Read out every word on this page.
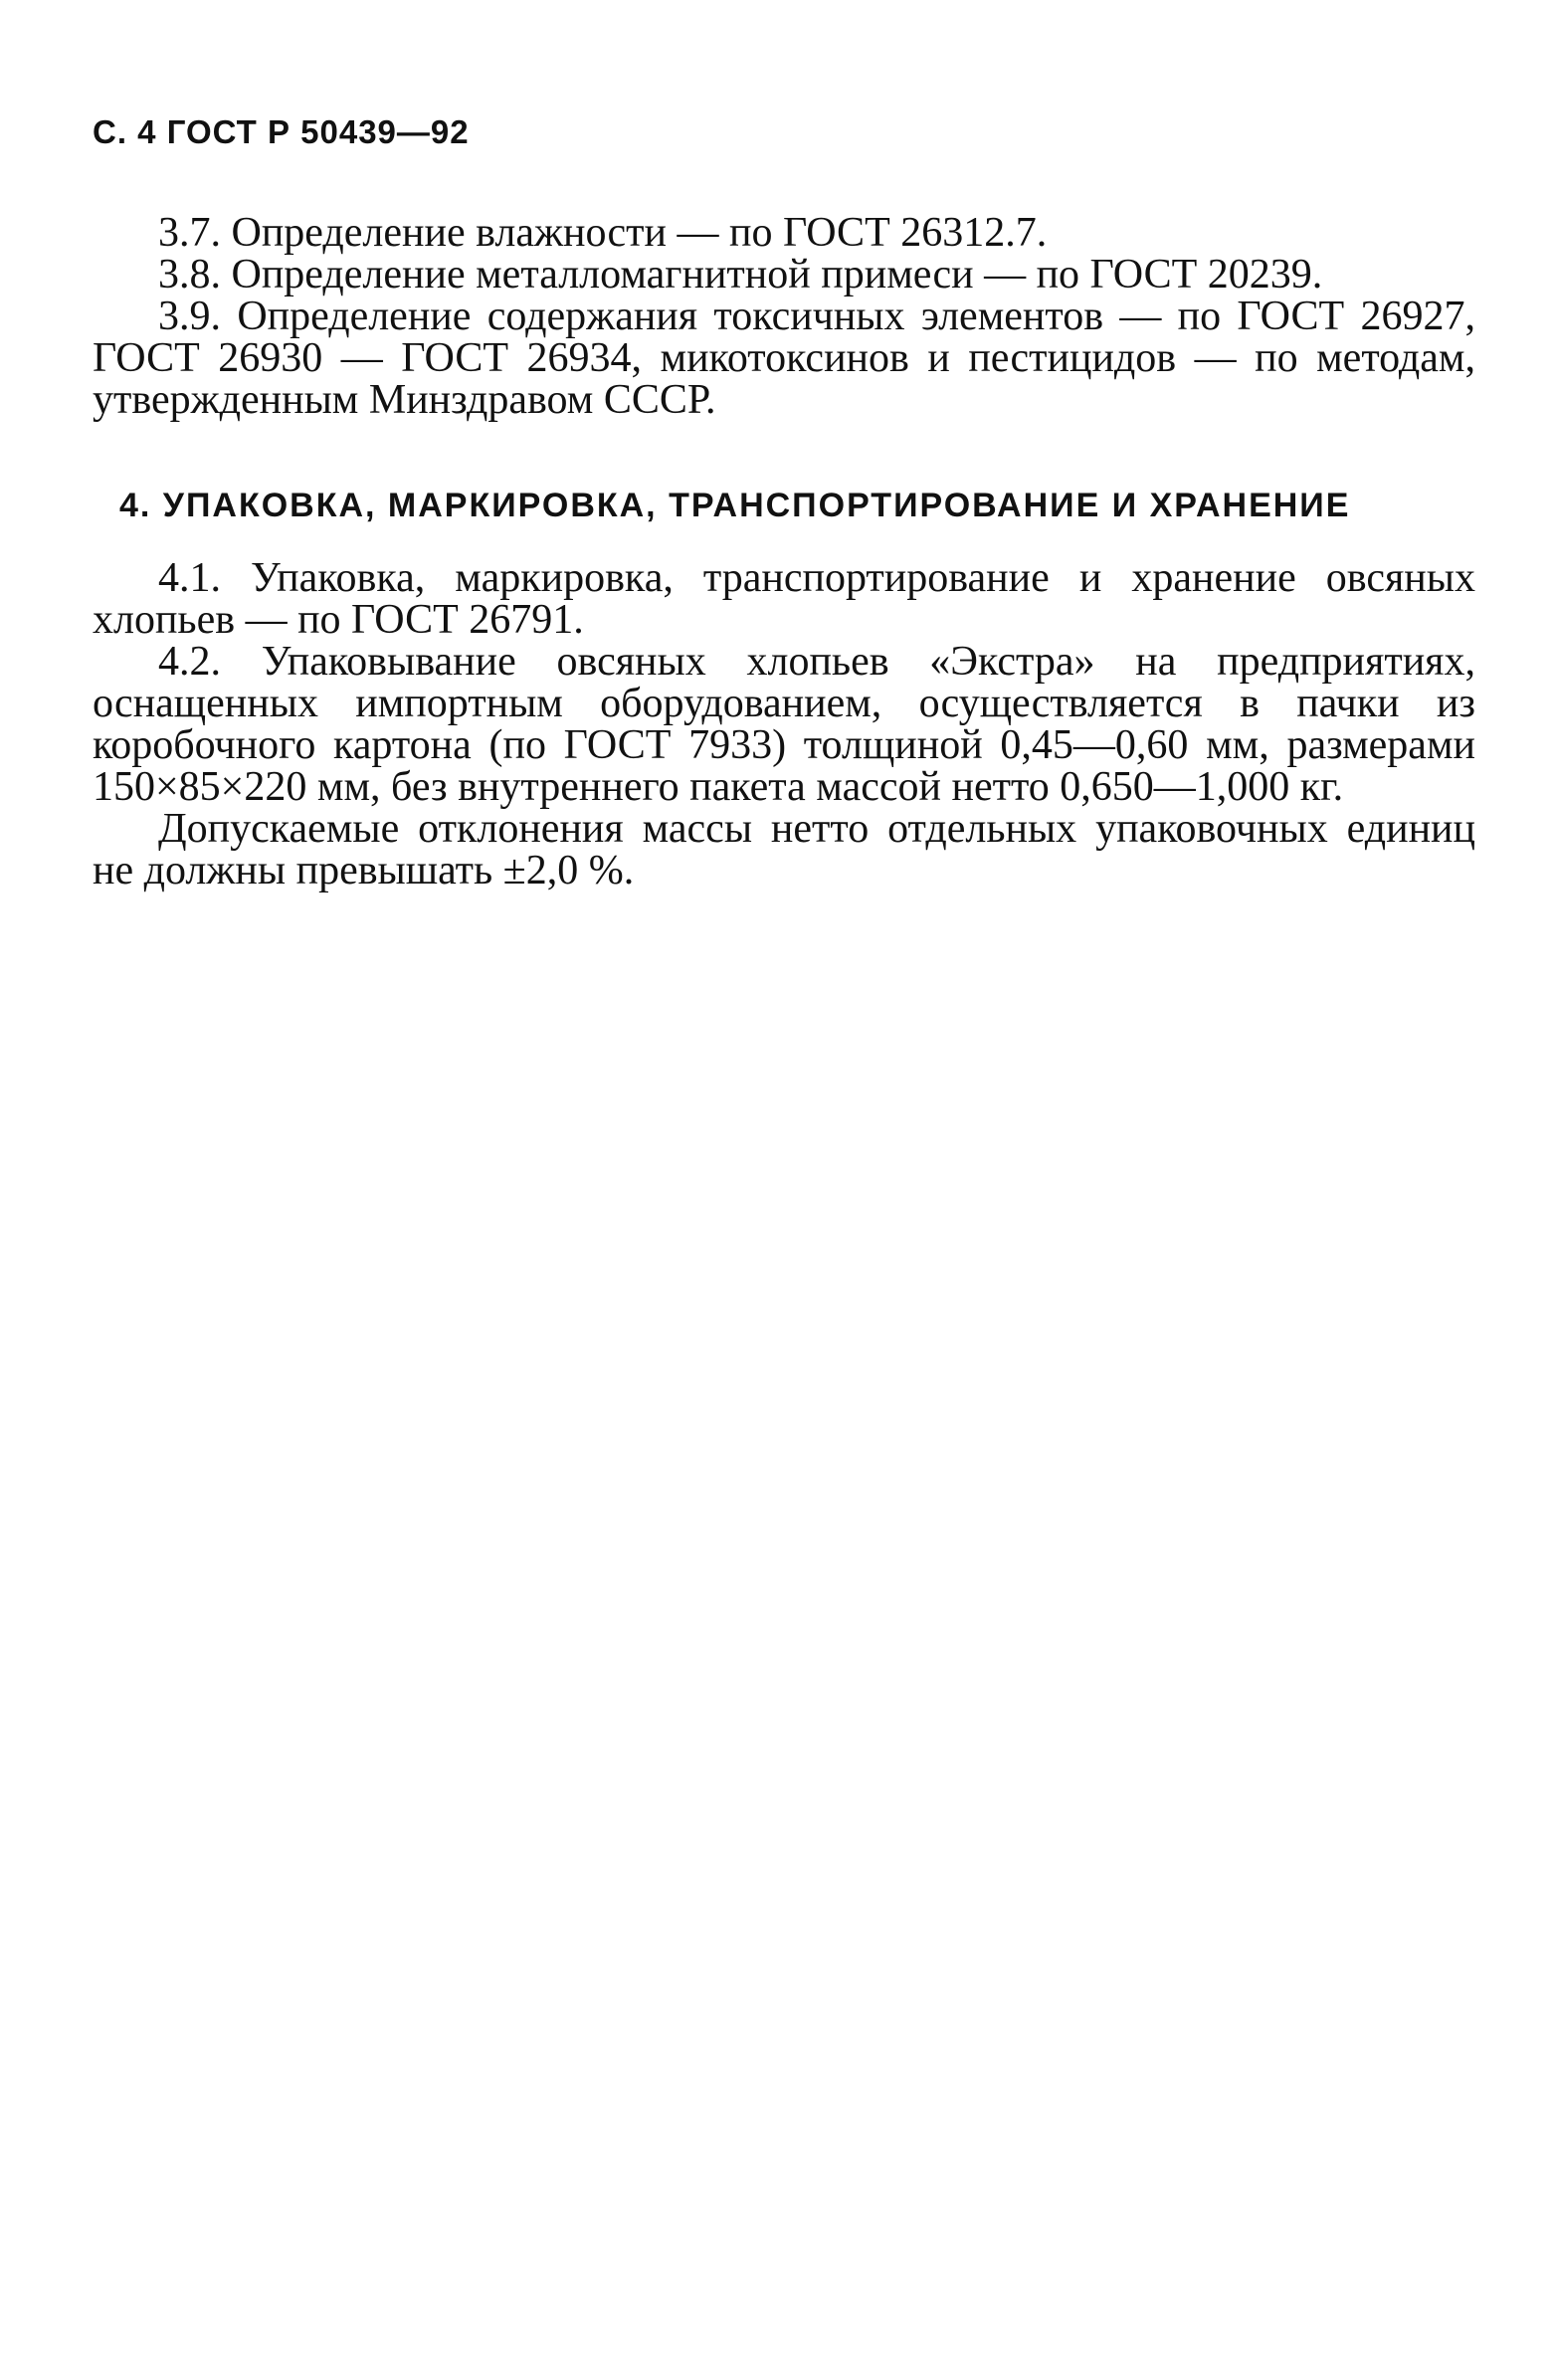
С. 4 ГОСТ Р 50439—92

3.7. Определение влажности — по ГОСТ 26312.7.

3.8. Определение металломагнитной примеси — по ГОСТ 20239.

3.9. Определение содержания токсичных элементов — по ГОСТ 26927, ГОСТ 26930 — ГОСТ 26934, микотоксинов и пестицидов — по методам, утвержденным Минздравом СССР.

4. УПАКОВКА, МАРКИРОВКА, ТРАНСПОРТИРОВАНИЕ И ХРАНЕНИЕ

4.1. Упаковка, маркировка, транспортирование и хранение овсяных хлопьев — по ГОСТ 26791.

4.2. Упаковывание овсяных хлопьев «Экстра» на предприятиях, оснащенных импортным оборудованием, осуществляется в пачки из коробочного картона (по ГОСТ 7933) толщиной 0,45—0,60 мм, размерами 150×85×220 мм, без внутреннего пакета массой нетто 0,650—1,000 кг.

Допускаемые отклонения массы нетто отдельных упаковочных единиц не должны превышать ±2,0 %.
